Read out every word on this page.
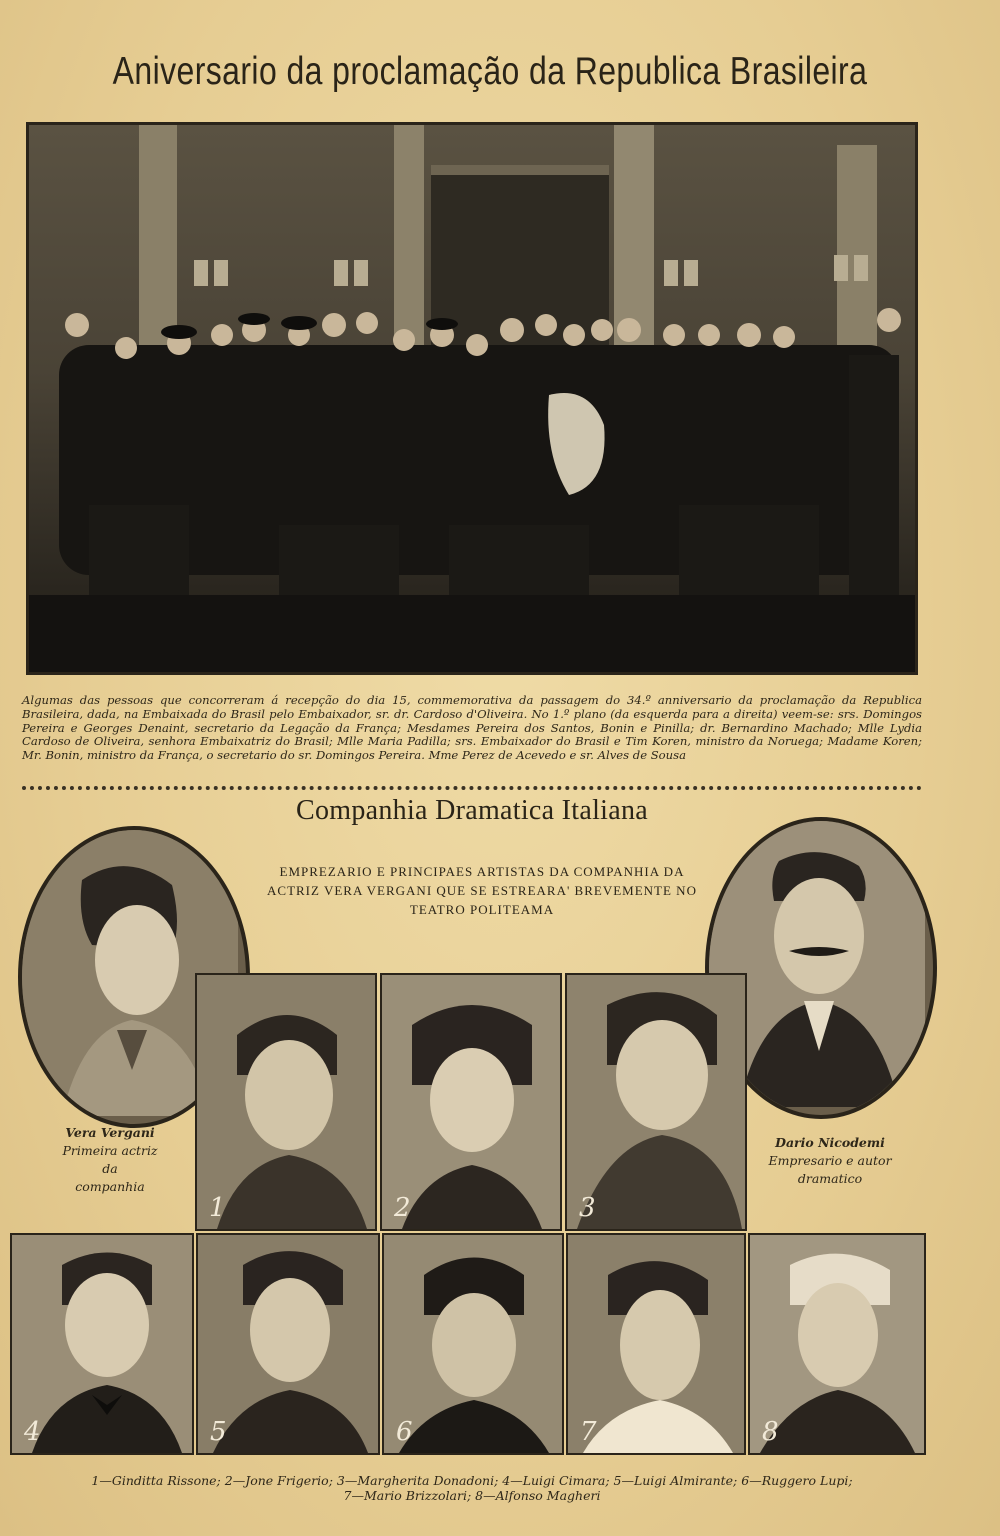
Aniversario da proclamação da Republica Brasileira
Algumas das pessoas que concorreram á recepção do dia 15, commemorativa da passagem do 34.º anniversario da proclamação da Republica Brasileira, dada, na Embaixada do Brasil pelo Embaixador, sr. dr. Cardoso d'Oliveira. No 1.º plano (da esquerda para a direita) veem-se: srs. Domingos Pereira e Georges Denaint, secretario da Legação da França; Mesdames Pereira dos Santos, Bonin e Pinilla; dr. Bernardino Machado; Mlle Lydia Cardoso de Oliveira, senhora Embaixatriz do Brasil; Mlle Maria Padilla; srs. Embaixador do Brasil e Tim Koren, ministro da Noruega; Madame Koren; Mr. Bonin, ministro da França, o secretario do sr. Domingos Pereira. Mme Perez de Acevedo e sr. Alves de Sousa
Companhia Dramatica Italiana
EMPREZARIO E PRINCIPAES ARTISTAS DA COMPANHIA DA ACTRIZ VERA VERGANI QUE SE ESTREARA' BREVEMENTE NO TEATRO POLITEAMA
Vera Vergani
Primeira actriz
da
companhia
Dario Nicodemi
Empresario e autor
dramatico
1	2	3
4	5	6	7	8
1—Ginditta Rissone; 2—Jone Frigerio; 3—Margherita Donadoni; 4—Luigi Cimara; 5—Luigi Almirante; 6—Ruggero Lupi;
7—Mario Brizzolari; 8—Alfonso Magheri
